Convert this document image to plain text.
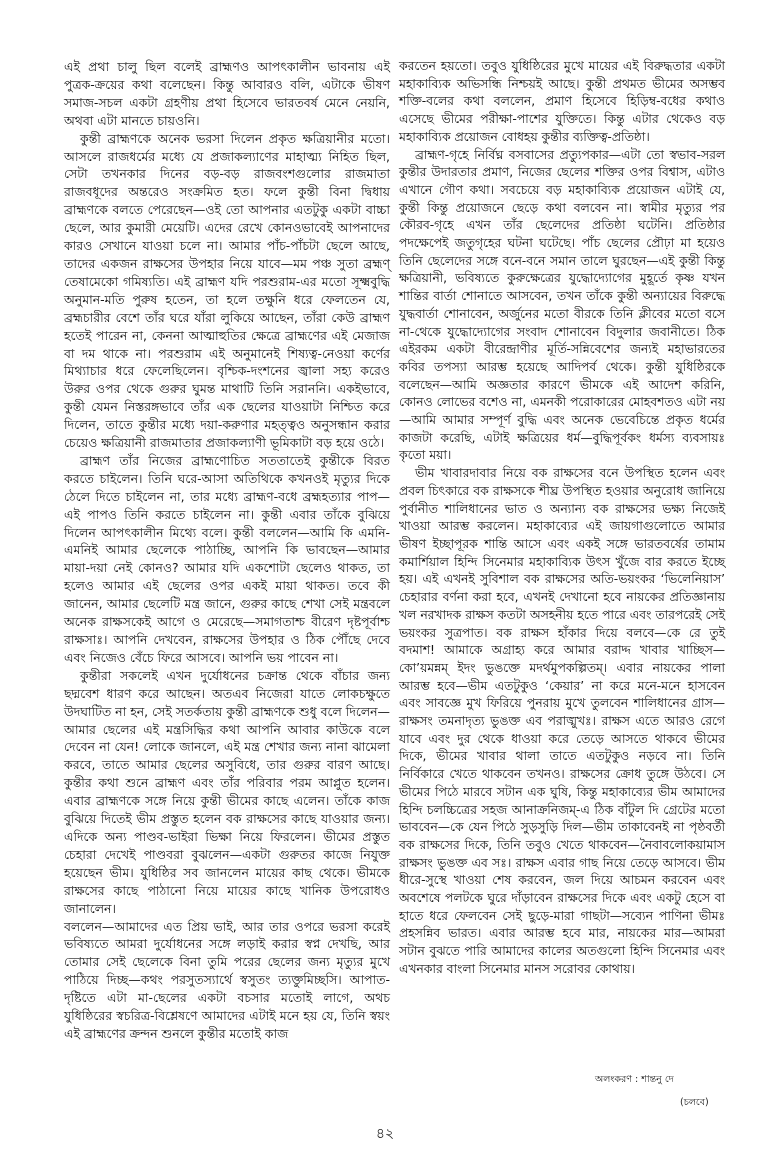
এই প্রথা চালু ছিল বলেই ব্রাহ্মণও আপৎকালীন ভাবনায় এই পুত্রক-ক্রয়ের কথা বলেছেন। কিন্তু আবারও বলি, এটাকে ভীষণ সমাজ-সচল একটা গ্রহণীয় প্রথা হিসেবে ভারতবর্ষ মেনে নেয়নি, অথবা এটা মানতে চায়ওনি।

কুন্তী ব্রাহ্মণকে অনেক ভরসা দিলেন প্রকৃত ক্ষত্রিয়ানীর মতো। আসলে রাজধর্মের মধ্যে যে প্রজাকল্যাণের মাহাত্ম্য নিহিত ছিল, সেটা তখনকার দিনের বড়-বড় রাজবংশগুলোর রাজমাতা রাজবধূদের অন্তরেও সংক্রমিত হত। ফলে কুন্তী বিনা দ্বিধায় ব্রাহ্মণকে বলতে পেরেছেন—ওই তো আপনার এতটুকু একটা বাচ্চা ছেলে, আর কুমারী মেয়েটি। এদের রেখে কোনওভাবেই আপনাদের কারও সেখানে যাওয়া চলে না। আমার পাঁচ-পাঁচটা ছেলে আছে, তাদের একজন রাক্ষসের উপহার নিয়ে যাবে—মম পঞ্চ সুতা ব্রহ্মণ্ তেষামেকো গমিষ্যতি। এই ব্রাহ্মণ যদি পরশুরাম-এর মতো সূক্ষ্মবুদ্ধি অনুমান-মতি পুরুষ হতেন, তা হলে তক্ষুনি ধরে ফেলতেন যে, ব্রহ্মচারীর বেশে তাঁর ঘরে যাঁরা লুকিয়ে আছেন, তাঁরা কেউ ব্রাহ্মণ হতেই পারেন না, কেননা আত্মাহুতির ক্ষেত্রে ব্রাহ্মণের এই মেজাজ বা দম থাকে না। পরশুরাম এই অনুমানেই শিষ্যত্ব-নেওয়া কর্ণের মিথ্যাচার ধরে ফেলেছিলেন। বৃশ্চিক-দংশনের জ্বালা সহ্য করেও উরুর ওপর থেকে গুরুর ঘুমন্ত মাথাটি তিনি সরাননি। একইভাবে, কুন্তী যেমন নিস্তরঙ্গভাবে তাঁর এক ছেলের যাওয়াটা নিশ্চিত করে দিলেন, তাতে কুন্তীর মধ্যে দয়া-করুণার মহত্ত্বও অনুসন্ধান করার চেয়েও ক্ষত্রিয়ানী রাজমাতার প্রজাকল্যাণী ভূমিকাটা বড় হয়ে ওঠে।

ব্রাহ্মণ তাঁর নিজের ব্রাহ্মণোচিত সততাতেই কুন্তীকে বিরত করতে চাইলেন। তিনি ঘরে-আসা অতিথিকে কখনওই মৃত্যুর দিকে ঠেলে দিতে চাইলেন না, তার মধ্যে ব্রাহ্মণ-বধে ব্রহ্মহত্যার পাপ—এই পাপও তিনি করতে চাইলেন না। কুন্তী এবার তাঁকে বুঝিয়ে দিলেন আপৎকালীন মিথ্যে বলে। কুন্তী বললেন—আমি কি এমনি-এমনিই আমার ছেলেকে পাঠাচ্ছি, আপনি কি ভাবছেন—আমার মায়া-দয়া নেই কোনও? আমার যদি একশোটা ছেলেও থাকত, তা হলেও আমার এই ছেলের ওপর একই মায়া থাকত। তবে কী জানেন, আমার ছেলেটি মন্ত্র জানে, গুরুর কাছে শেখা সেই মন্ত্রবলে অনেক রাক্ষসকেই আগে ও মেরেছে—সমাগতাশ্চ বীরেণ দৃষ্টপূর্বাশ্চ রাক্ষসাঃ। আপনি দেখবেন, রাক্ষসের উপহার ও ঠিক পৌঁছে দেবে এবং নিজেও বেঁচে ফিরে আসবে। আপনি ভয় পাবেন না।

কুন্তীরা সকলেই এখন দুর্যোধনের চক্রান্ত থেকে বাঁচার জন্য ছদ্মবেশ ধারণ করে আছেন। অতএব নিজেরা যাতে লোকচক্ষুতে উদঘাটিত না হন, সেই সতর্কতায় কুন্তী ব্রাহ্মণকে শুধু বলে দিলেন—আমার ছেলের এই মন্ত্রসিদ্ধির কথা আপনি আবার কাউকে বলে দেবেন না যেন! লোকে জানলে, এই মন্ত্র শেখার জন্য নানা ঝামেলা করবে, তাতে আমার ছেলের অসুবিধে, তার গুরুর বারণ আছে। কুন্তীর কথা শুনে ব্রাহ্মণ এবং তাঁর পরিবার পরম আপ্লুত হলেন। এবার ব্রাহ্মণকে সঙ্গে নিয়ে কুন্তী ভীমের কাছে এলেন। তাঁকে কাজ বুঝিয়ে দিতেই ভীম প্রস্তুত হলেন বক রাক্ষসের কাছে যাওয়ার জন্য। এদিকে অন্য পাণ্ডব-ভাইরা ভিক্ষা নিয়ে ফিরলেন। ভীমের প্রস্তুত চেহারা দেখেই পাণ্ডবরা বুঝলেন—একটা গুরুতর কাজে নিযুক্ত হয়েছেন ভীম। যুধিষ্ঠির সব জানলেন মায়ের কাছ থেকে। ভীমকে রাক্ষসের কাছে পাঠানো নিয়ে মায়ের কাছে খানিক উপরোধও জানালেন।

বললেন—আমাদের এত প্রিয় ভাই, আর তার ওপরে ভরসা করেই ভবিষ্যতে আমরা দুর্যোধনের সঙ্গে লড়াই করার স্বপ্ন দেখছি, আর তোমার সেই ছেলেকে বিনা তুমি পরের ছেলের জন্য মৃত্যুর মুখে পাঠিয়ে দিচ্ছ—কথং পরসুতস্যার্থে স্বসুতং ত্যক্তুমিচ্ছসি। আপাত-দৃষ্টিতে এটা মা-ছেলের একটা বচসার মতোই লাগে, অথচ যুধিষ্ঠিরের স্বচরিত্র-বিশ্লেষণে আমাদের এটাই মনে হয় যে, তিনি স্বয়ং এই ব্রাহ্মণের ক্রন্দন শুনলে কুন্তীর মতোই কাজ

করতেন হয়তো। তবুও যুধিষ্ঠিরের মুখে মায়ের এই বিরুদ্ধতার একটা মহাকাব্যিক অভিসন্ধি নিশ্চয়ই আছে। কুন্তী প্রথমত ভীমের অসম্ভব শক্তি-বলের কথা বললেন, প্রমাণ হিসেবে হিড়িম্ব-বধের কথাও এসেছে ভীমের পরীক্ষা-পাশের যুক্তিতে। কিন্তু এটার থেকেও বড় মহাকাব্যিক প্রয়োজন বোধহয় কুন্তীর ব্যক্তিত্ব-প্রতিষ্ঠা।

ব্রাহ্মণ-গৃহে নির্বিঘ্ন বসবাসের প্রত্যুপকার—এটা তো স্বভাব-সরল কুন্তীর উদারতার প্রমাণ, নিজের ছেলের শক্তির ওপর বিশ্বাস, এটাও এখানে গৌণ কথা। সবচেয়ে বড় মহাকাব্যিক প্রয়োজন এটাই যে, কুন্তী কিন্তু প্রয়োজনে ছেড়ে কথা বলবেন না। স্বামীর মৃত্যুর পর কৌরব-গৃহে এখন তাঁর ছেলেদের প্রতিষ্ঠা ঘটেনি। প্রতিষ্ঠার পদক্ষেপেই জতুগৃহের ঘটনা ঘটেছে। পাঁচ ছেলের প্রৌঢ়া মা হয়েও তিনি ছেলেদের সঙ্গে বনে-বনে সমান তালে ঘুরছেন—এই কুন্তী কিন্তু ক্ষত্রিয়ানী, ভবিষ্যতে কুরুক্ষেত্রের যুদ্ধোদ্যোগের মুহূর্তে কৃষ্ণ যখন শান্তির বার্তা শোনাতে আসবেন, তখন তাঁকে কুন্তী অন্যায়ের বিরুদ্ধে যুদ্ধবার্তা শোনাবেন, অর্জুনের মতো বীরকে তিনি ক্লীবের মতো বসে না-থেকে যুদ্ধোদ্যোগের সংবাদ শোনাবেন বিদুলার জবানীতে। ঠিক এইরকম একটা বীরেন্দ্রাণীর মূর্তি-সন্নিবেশের জন্যই মহাভারতের কবির তপস্যা আরম্ভ হয়েছে আদিপর্ব থেকে। কুন্তী যুধিষ্ঠিরকে বলেছেন—আমি অজ্ঞতার কারণে ভীমকে এই আদেশ করিনি, কোনও লোভের বশেও না, এমনকী পরোকারের মোহবশতও এটা নয়—আমি আমার সম্পূর্ণ বুদ্ধি এবং অনেক ভেবেচিন্তে প্রকৃত ধর্মের কাজটা করেছি, এটাই ক্ষত্রিয়ের ধর্ম—বুদ্ধিপূর্বকং ধর্মস্য ব্যবসায়ঃ কৃতো ময়া।

ভীম খাবারদাবার নিয়ে বক রাক্ষসের বনে উপস্থিত হলেন এবং প্রবল চিৎকারে বক রাক্ষসকে শীঘ্র উপস্থিত হওয়ার অনুরোধ জানিয়ে পুর্বানীত শালিধানের ভাত ও অন্যান্য বক রাক্ষসের ভক্ষ্য নিজেই খাওয়া আরম্ভ করলেন। মহাকাব্যের এই জায়গাগুলোতে আমার ভীষণ ইচ্ছাপূরক শান্তি আসে এবং একই সঙ্গে ভারতবর্ষের তামাম কমার্শিয়াল হিন্দি সিনেমার মহাকাব্যিক উৎস খুঁজে বার করতে ইচ্ছে হয়। এই এখনই সুবিশাল বক রাক্ষসের অতি-ভয়ংকর ‘ভিলেনিয়াস’ চেহারার বর্ণনা করা হবে, এখনই দেখানো হবে নায়কের প্রতিজ্ঞানায় খল নরখাদক রাক্ষস কতটা অসহনীয় হতে পারে এবং তারপরেই সেই ভয়ংকর সুত্রপাত। বক রাক্ষস হাঁকার দিয়ে বলবে—কে রে তুই বদমাশ! আমাকে অগ্রাহ্য করে আমার বরাদ্দ খাবার খাচ্ছিস—কো’য়মন্নম্ ইদং ভুঙক্তে মদর্থমুপকল্পিতম্। এবার নায়কের পালা আরম্ভ হবে—ভীম এতটুকুও ‘কেয়ার’ না করে মনে-মনে হাসবেন এবং সাবজ্ঞে মুখ ফিরিয়ে পুনরায় মুখে তুলবেন শালিধানের গ্রাস—রাক্ষসং তমনাদৃত্য ভুঙক্ত এব পরাঙ্মুখঃ। রাক্ষস এতে আরও রেগে যাবে এবং দুর থেকে ধাওয়া করে তেড়ে আসতে থাকবে ভীমের দিকে, ভীমের খাবার থালা তাতে এতটুকুও নড়বে না। তিনি নির্বিকারে খেতে থাকবেন তখনও। রাক্ষসের ক্রোধ তুঙ্গে উঠবে। সে ভীমের পিঠে মারবে সটান এক ঘুষি, কিন্তু মহাকাব্যের ভীম আমাদের হিন্দি চলচ্চিত্রের সহজ আনাক্রনিজম্-এ ঠিক বাঁটুল দি গ্রেটের মতো ভাববেন—কে যেন পিঠে সুড়সুড়ি দিল—ভীম তাকাবেনই না পৃষ্ঠবর্তী বক রাক্ষসের দিকে, তিনি তবুও খেতে থাকবেন—নৈবাবলোকয়ামাস রাক্ষসং ভুঙক্ত এব সঃ। রাক্ষস এবার গাছ নিয়ে তেড়ে আসবে। ভীম ধীরে-সুস্থে খাওয়া শেষ করবেন, জল দিয়ে আচমন করবেন এবং অবশেষে পলটকে ঘুরে দাঁড়াবেন রাক্ষসের দিকে এবং একটু হেসে বা হাতে ধরে ফেলবেন সেই ছুড়ে-মারা গাছটা—সব্যেন পাণিনা ভীমঃ প্রহসন্নিব ভারত। এবার আরম্ভ হবে মার, নায়কের মার—আমরা সটান বুঝতে পারি আমাদের কালের অতগুলো হিন্দি সিনেমার এবং এখনকার বাংলা সিনেমার মানস সরোবর কোথায়।

অলংকরণ : শান্তনু দে
(চলবে)
৪২
